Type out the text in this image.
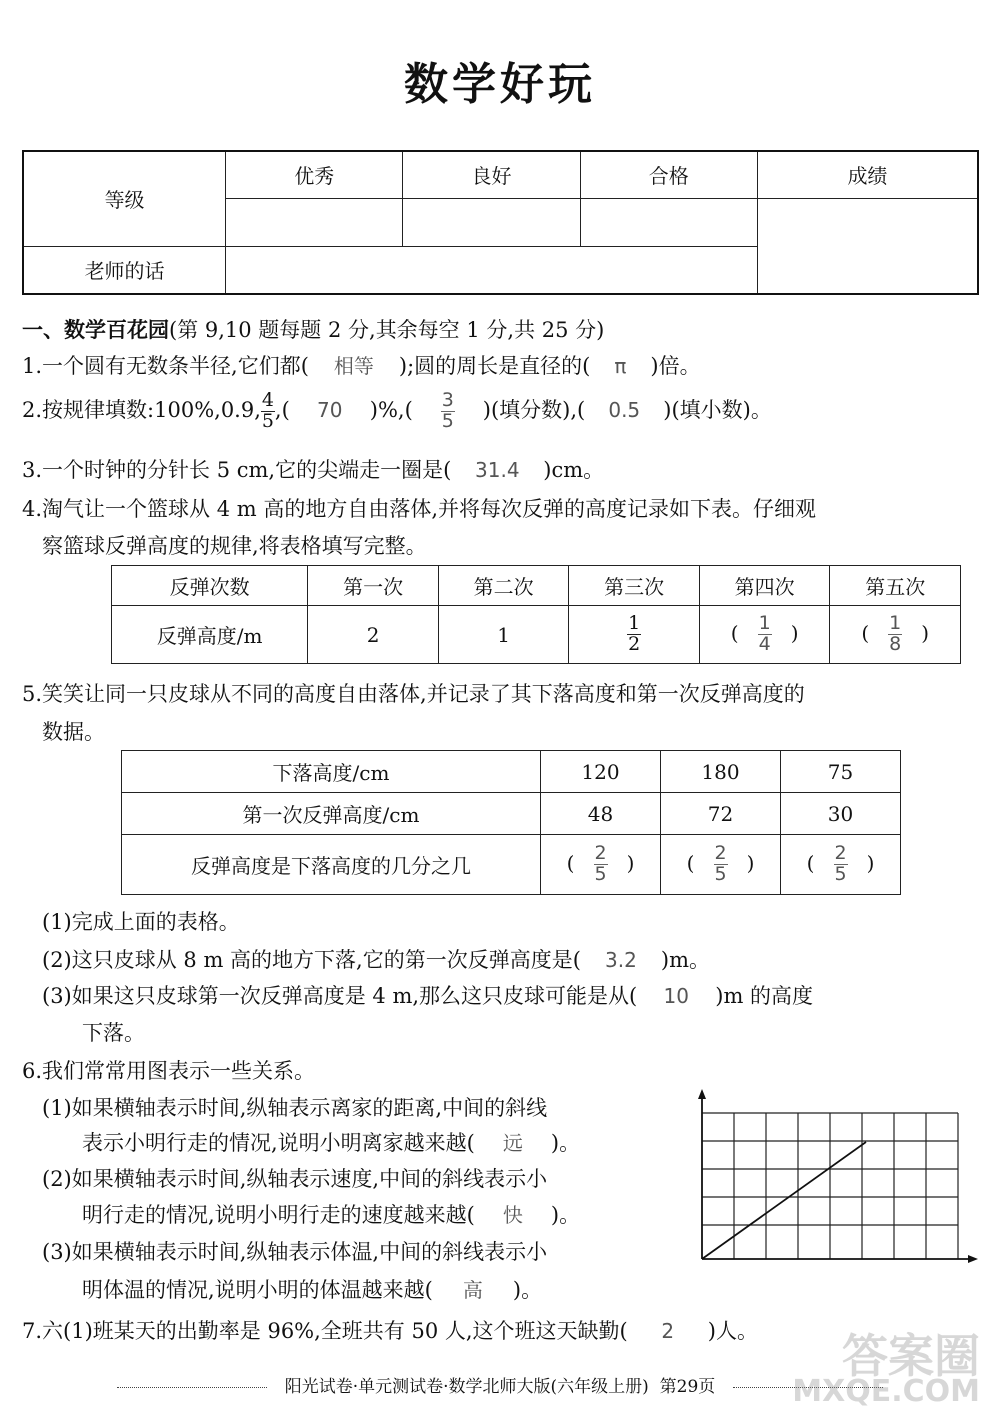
数学好玩
等级	优秀	良好	合格	成绩

老师的话				
一、数学百花园(第 9,10 题每题 2 分,其余每空 1 分,共 25 分)
1.一个圆有无数条半径,它们都( 相等 );圆的周长是直径的( π )倍。
2.按规律填数:100%,0.9, $\frac{4}{5}$ ,( 70 )%,( $\frac{3}{5}$ )(填分数),( 0.5 )(填小数)。
3.一个时钟的分针长 5 cm,它的尖端走一圈是( 31.4 )cm。
4.淘气让一个篮球从 4 m 高的地方自由落体,并将每次反弹的高度记录如下表。仔细观
察篮球反弹高度的规律,将表格填写完整。
反弹次数	第一次	第二次	第三次	第四次	第五次
反弹高度/m	2	1	$\frac{1}{2}$	( $\frac{1}{4}$ )	( $\frac{1}{8}$ )
5.笑笑让同一只皮球从不同的高度自由落体,并记录了其下落高度和第一次反弹高度的
数据。
下落高度/cm	120	180	75
第一次反弹高度/cm	48	72	30
反弹高度是下落高度的几分之几	( $\frac{2}{5}$ )	( $\frac{2}{5}$ )	( $\frac{2}{5}$ )
(1)完成上面的表格。
(2)这只皮球从 8 m 高的地方下落,它的第一次反弹高度是( 3.2 )m。
(3)如果这只皮球第一次反弹高度是 4 m,那么这只皮球可能是从( 10 )m 的高度
下落。
6.我们常常用图表示一些关系。
(1)如果横轴表示时间,纵轴表示离家的距离,中间的斜线
表示小明行走的情况,说明小明离家越来越( 远 )。
(2)如果横轴表示时间,纵轴表示速度,中间的斜线表示小
明行走的情况,说明小明行走的速度越来越( 快 )。
(3)如果横轴表示时间,纵轴表示体温,中间的斜线表示小
明体温的情况,说明小明的体温越来越( 高 )。
7.六(1)班某天的出勤率是 96%,全班共有 50 人,这个班这天缺勤( 2 )人。
阳光试卷·单元测试卷·数学北师大版(六年级上册) 第29页
答案圈
MXQE.COM
